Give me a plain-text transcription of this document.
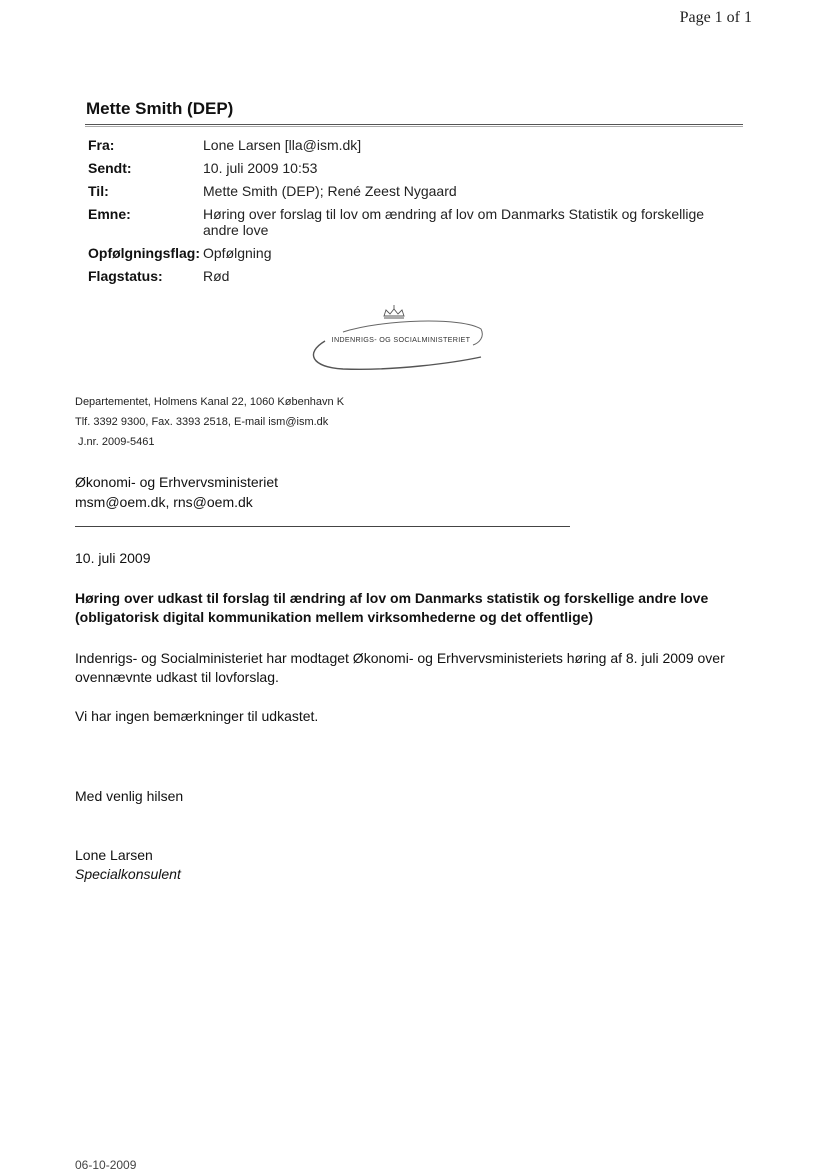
Page 1 of 1
Mette Smith (DEP)
Fra:	Lone Larsen [lla@ism.dk]
Sendt:	10. juli 2009 10:53
Til:	Mette Smith (DEP); René Zeest Nygaard
Emne:	Høring over forslag til lov om ændring af lov om Danmarks Statistik og forskellige andre love
Opfølgningsflag: Opfølgning
Flagstatus:	Rød
INDENRIGS- OG SOCIALMINISTERIET
Departementet, Holmens Kanal 22, 1060 København K
Tlf. 3392 9300, Fax. 3393 2518, E-mail ism@ism.dk
J.nr. 2009-5461
Økonomi- og Erhvervsministeriet
msm@oem.dk, rns@oem.dk
10. juli 2009
Høring over udkast til forslag til ændring af lov om Danmarks statistik og forskellige andre love (obligatorisk digital kommunikation mellem virksomhederne og det offentlige)
Indenrigs- og Socialministeriet har modtaget Økonomi- og Erhvervsministeriets høring af 8. juli 2009 over ovennævnte udkast til lovforslag.
Vi har ingen bemærkninger til udkastet.
Med venlig hilsen
Lone Larsen
Specialkonsulent
06-10-2009
